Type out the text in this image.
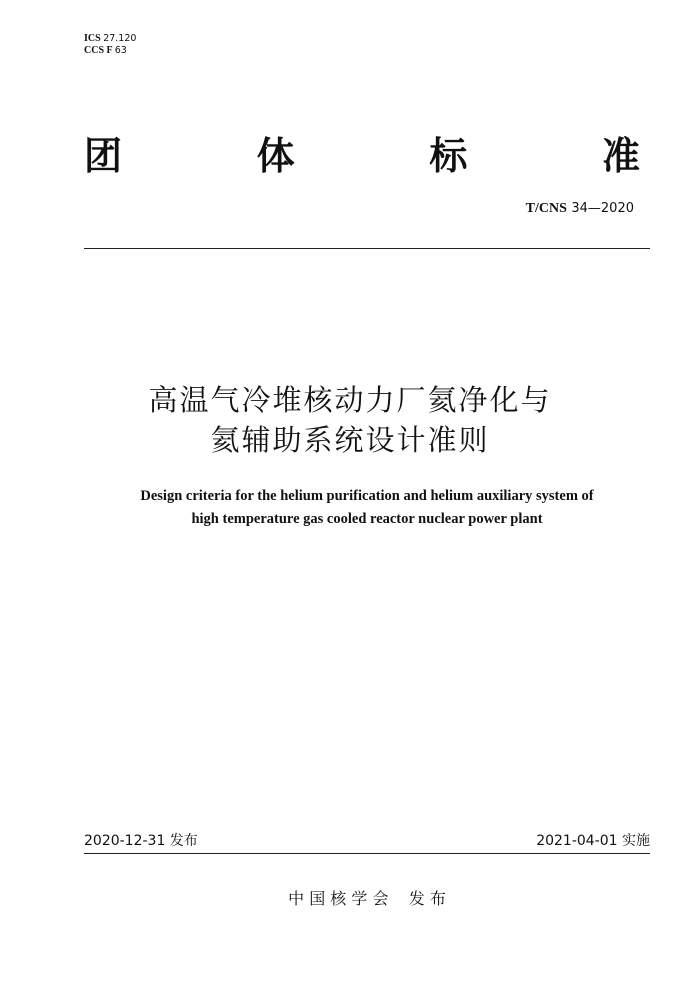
ICS 27.120
CCS F 63
团	体	标	准
T/CNS 34—2020
高温气冷堆核动力厂氦净化与
氦辅助系统设计准则
Design criteria for the helium purification and helium auxiliary system of
high temperature gas cooled reactor nuclear power plant
2020-12-31 发布	2021-04-01 实施
中 国 核 学 会    发 布
